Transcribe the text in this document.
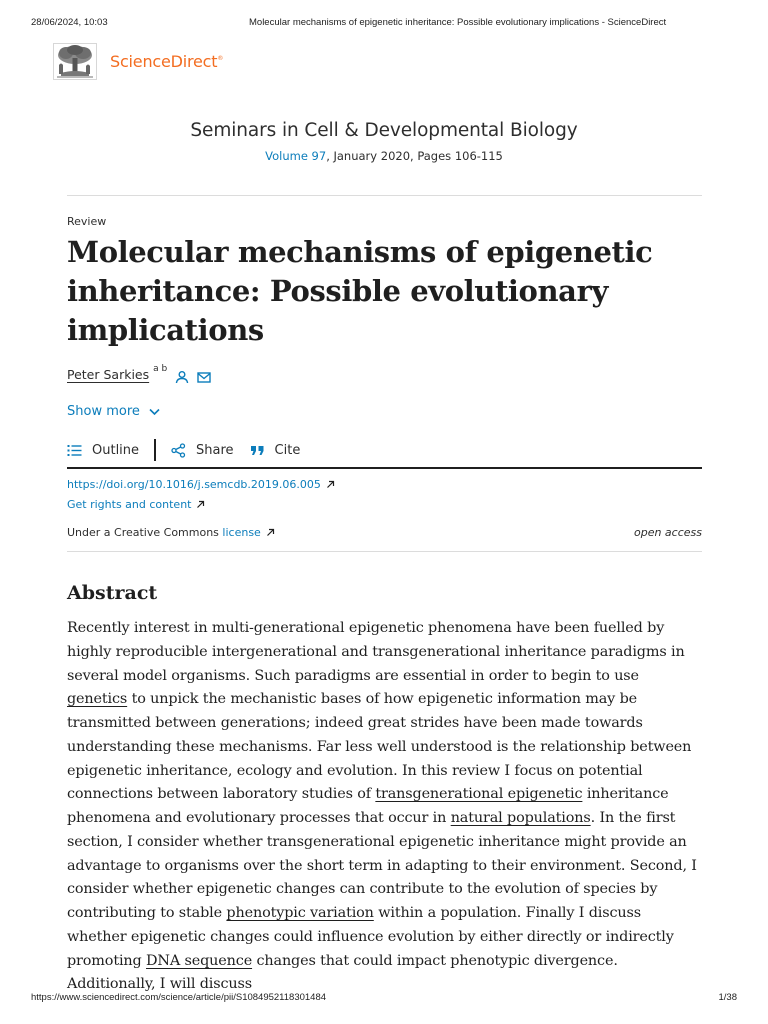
28/06/2024, 10:03	Molecular mechanisms of epigenetic inheritance: Possible evolutionary implications - ScienceDirect
ScienceDirect®
Seminars in Cell & Developmental Biology
Volume 97, January 2020, Pages 106-115
Review
Molecular mechanisms of epigenetic inheritance: Possible evolutionary implications
Peter Sarkies a b
Show more
Outline	Share	Cite
https://doi.org/10.1016/j.semcdb.2019.06.005
Get rights and content
Under a Creative Commons license	open access
Abstract

Recently interest in multi-generational epigenetic phenomena have been fuelled by highly reproducible intergenerational and transgenerational inheritance paradigms in several model organisms. Such paradigms are essential in order to begin to use genetics to unpick the mechanistic bases of how epigenetic information may be transmitted between generations; indeed great strides have been made towards understanding these mechanisms. Far less well understood is the relationship between epigenetic inheritance, ecology and evolution. In this review I focus on potential connections between laboratory studies of transgenerational epigenetic inheritance phenomena and evolutionary processes that occur in natural populations. In the first section, I consider whether transgenerational epigenetic inheritance might provide an advantage to organisms over the short term in adapting to their environment. Second, I consider whether epigenetic changes can contribute to the evolution of species by contributing to stable phenotypic variation within a population. Finally I discuss whether epigenetic changes could influence evolution by either directly or indirectly promoting DNA sequence changes that could impact phenotypic divergence. Additionally, I will discuss

https://www.sciencedirect.com/science/article/pii/S1084952118301484	1/38
